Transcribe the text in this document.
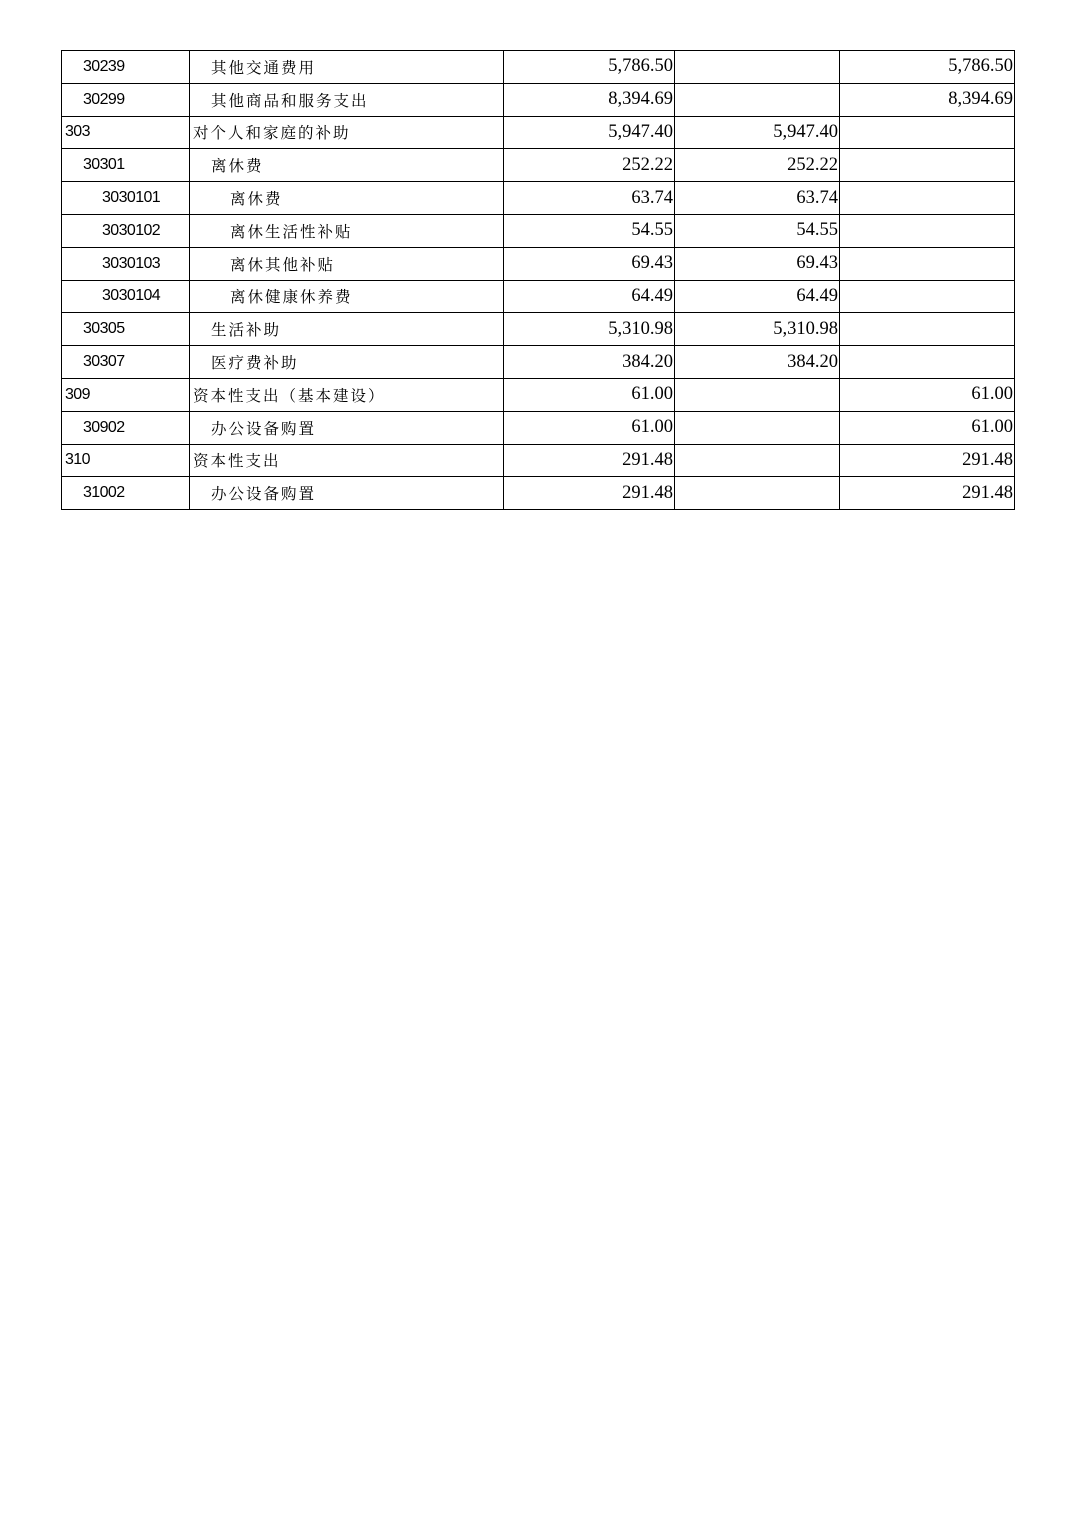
30239	其他交通费用	5,786.50		5,786.50
30299	其他商品和服务支出	8,394.69		8,394.69
303	对个人和家庭的补助	5,947.40	5,947.40	
30301	离休费	252.22	252.22	
3030101	离休费	63.74	63.74	
3030102	离休生活性补贴	54.55	54.55	
3030103	离休其他补贴	69.43	69.43	
3030104	离休健康休养费	64.49	64.49	
30305	生活补助	5,310.98	5,310.98	
30307	医疗费补助	384.20	384.20	
309	资本性支出（基本建设）	61.00		61.00
30902	办公设备购置	61.00		61.00
310	资本性支出	291.48		291.48
31002	办公设备购置	291.48		291.48
